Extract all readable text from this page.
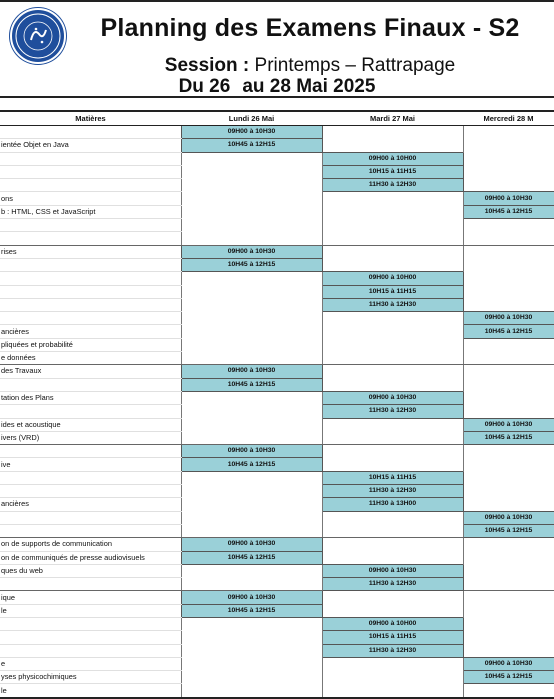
Planning des Examens Finaux - S2
Session : Printemps – Rattrapage
Du 26 au 28 Mai 2025
Matières	Lundi 26 Mai	Mardi 27 Mai	Mercredi 28 M
	09H00 à 10H30		
ientée Objet en Java	10H45 à 12H15		
		09H00 à 10H00	
		10H15 à 11H15	
		11H30 à 12H30	
ons			09H00 à 10H30
b : HTML, CSS et JavaScript			10H45 à 12H15

rises	09H00 à 10H30		
	10H45 à 12H15		
		09H00 à 10H00	
		10H15 à 11H15	
		11H30 à 12H30	
			09H00 à 10H30
ancières			10H45 à 12H15
pliquées et probabilité			
e données			
des Travaux	09H00 à 10H30		
	10H45 à 12H15		
tation des Plans		09H00 à 10H30	
		11H30 à 12H30	
ides et acoustique			09H00 à 10H30
ivers (VRD)			10H45 à 12H15
	09H00 à 10H30		
ive	10H45 à 12H15		
		10H15 à 11H15	
		11H30 à 12H30	
ancières		11H30 à 13H00	
			09H00 à 10H30
			10H45 à 12H15
on de supports de communication	09H00 à 10H30		
on de communiqués de presse audiovisuels	10H45 à 12H15		
ques du web		09H00 à 10H30	
		11H30 à 12H30	
ique	09H00 à 10H30		
le	10H45 à 12H15		
		09H00 à 10H00	
		10H15 à 11H15	
		11H30 à 12H30	
e			09H00 à 10H30
yses physicochimiques			10H45 à 12H15
le			
